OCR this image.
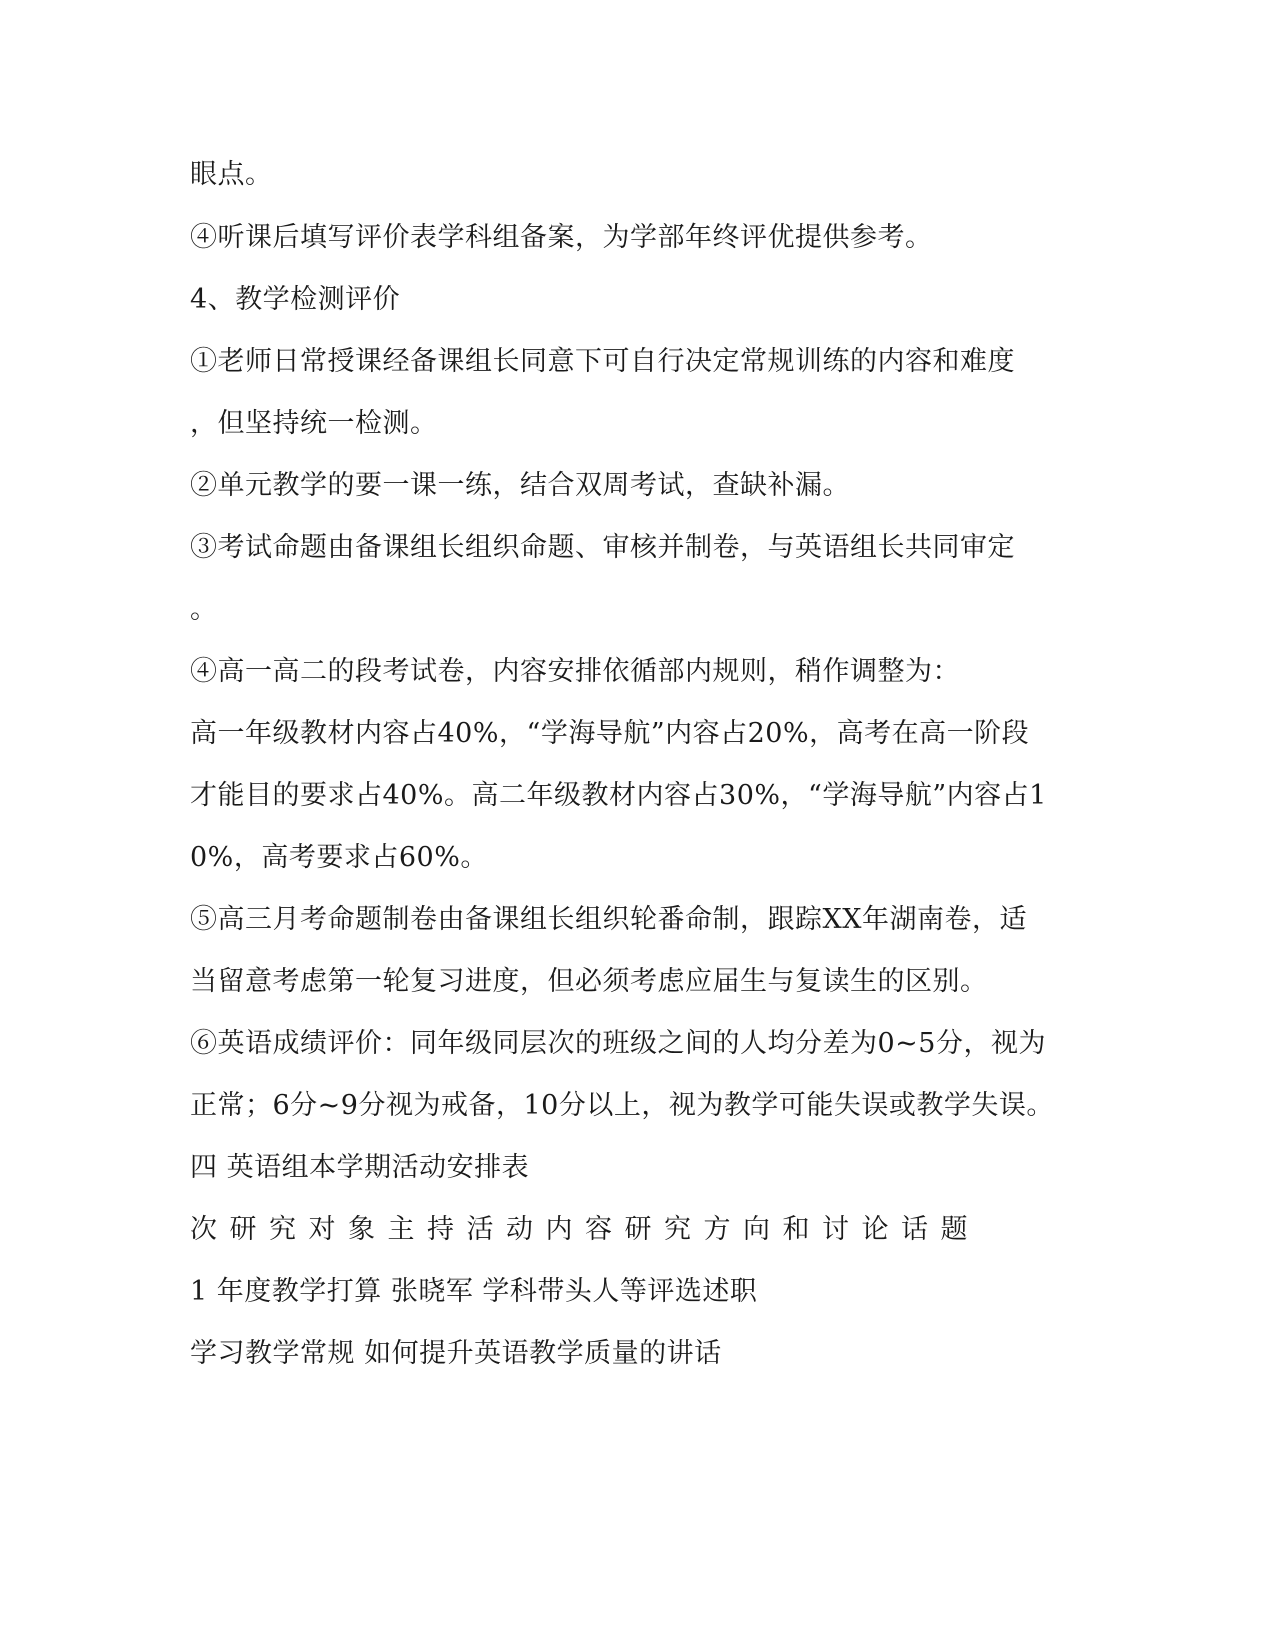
眼点。
④听课后填写评价表学科组备案，为学部年终评优提供参考。
4、教学检测评价
①老师日常授课经备课组长同意下可自行决定常规训练的内容和难度
，但坚持统一检测。
②单元教学的要一课一练，结合双周考试，查缺补漏。
③考试命题由备课组长组织命题、审核并制卷，与英语组长共同审定
。
④高一高二的段考试卷，内容安排依循部内规则，稍作调整为：
高一年级教材内容占40%，“学海导航”内容占20%，高考在高一阶段
才能目的要求占40%。高二年级教材内容占30%，“学海导航”内容占1
0%，高考要求占60%。
⑤高三月考命题制卷由备课组长组织轮番命制，跟踪XX年湖南卷，适
当留意考虑第一轮复习进度，但必须考虑应届生与复读生的区别。
⑥英语成绩评价：同年级同层次的班级之间的人均分差为0~5分，视为
正常；6分~9分视为戒备，10分以上，视为教学可能失误或教学失误。
四 英语组本学期活动安排表
次研究对象主持活动内容研究方向和讨论话题
1 年度教学打算 张晓军 学科带头人等评选述职
学习教学常规 如何提升英语教学质量的讲话
